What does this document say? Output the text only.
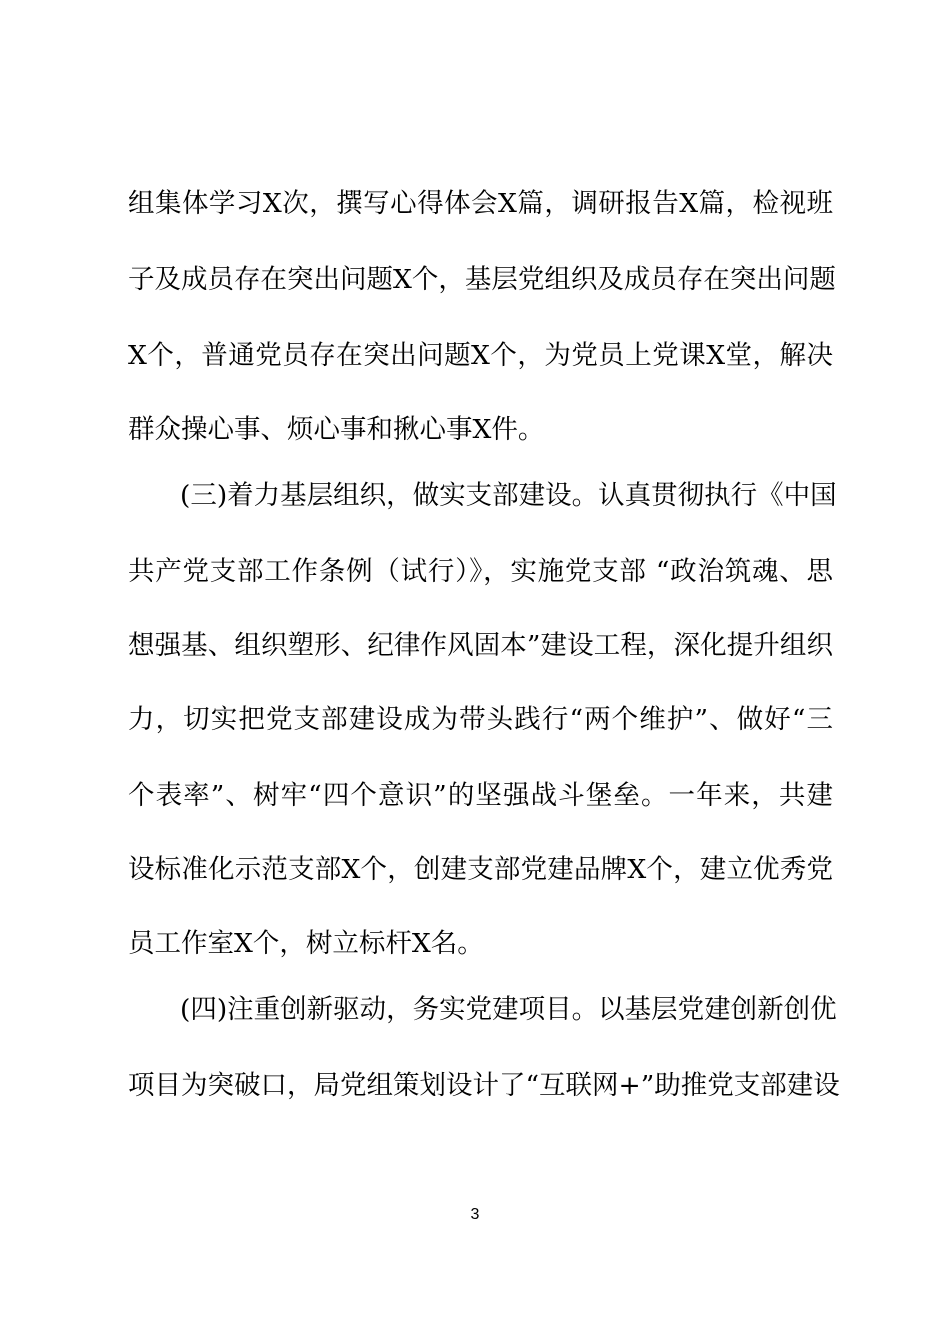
组集体学习X次，撰写心得体会X篇，调研报告X篇，检视班
子及成员存在突出问题X个，基层党组织及成员存在突出问题
X个，普通党员存在突出问题X个，为党员上党课X堂，解决
群众操心事、烦心事和揪心事X件。
(三)着力基层组织，做实支部建设。认真贯彻执行《中国
共产党支部工作条例（试行）》，实施党支部 “政治筑魂、思
想强基、组织塑形、纪律作风固本”建设工程，深化提升组织
力，切实把党支部建设成为带头践行“两个维护”、做好“三
个表率”、树牢“四个意识”的坚强战斗堡垒。一年来，共建
设标准化示范支部X个，创建支部党建品牌X个，建立优秀党
员工作室X个，树立标杆X名。
(四)注重创新驱动，务实党建项目。以基层党建创新创优
项目为突破口，局党组策划设计了“互联网+”助推党支部建设
3
